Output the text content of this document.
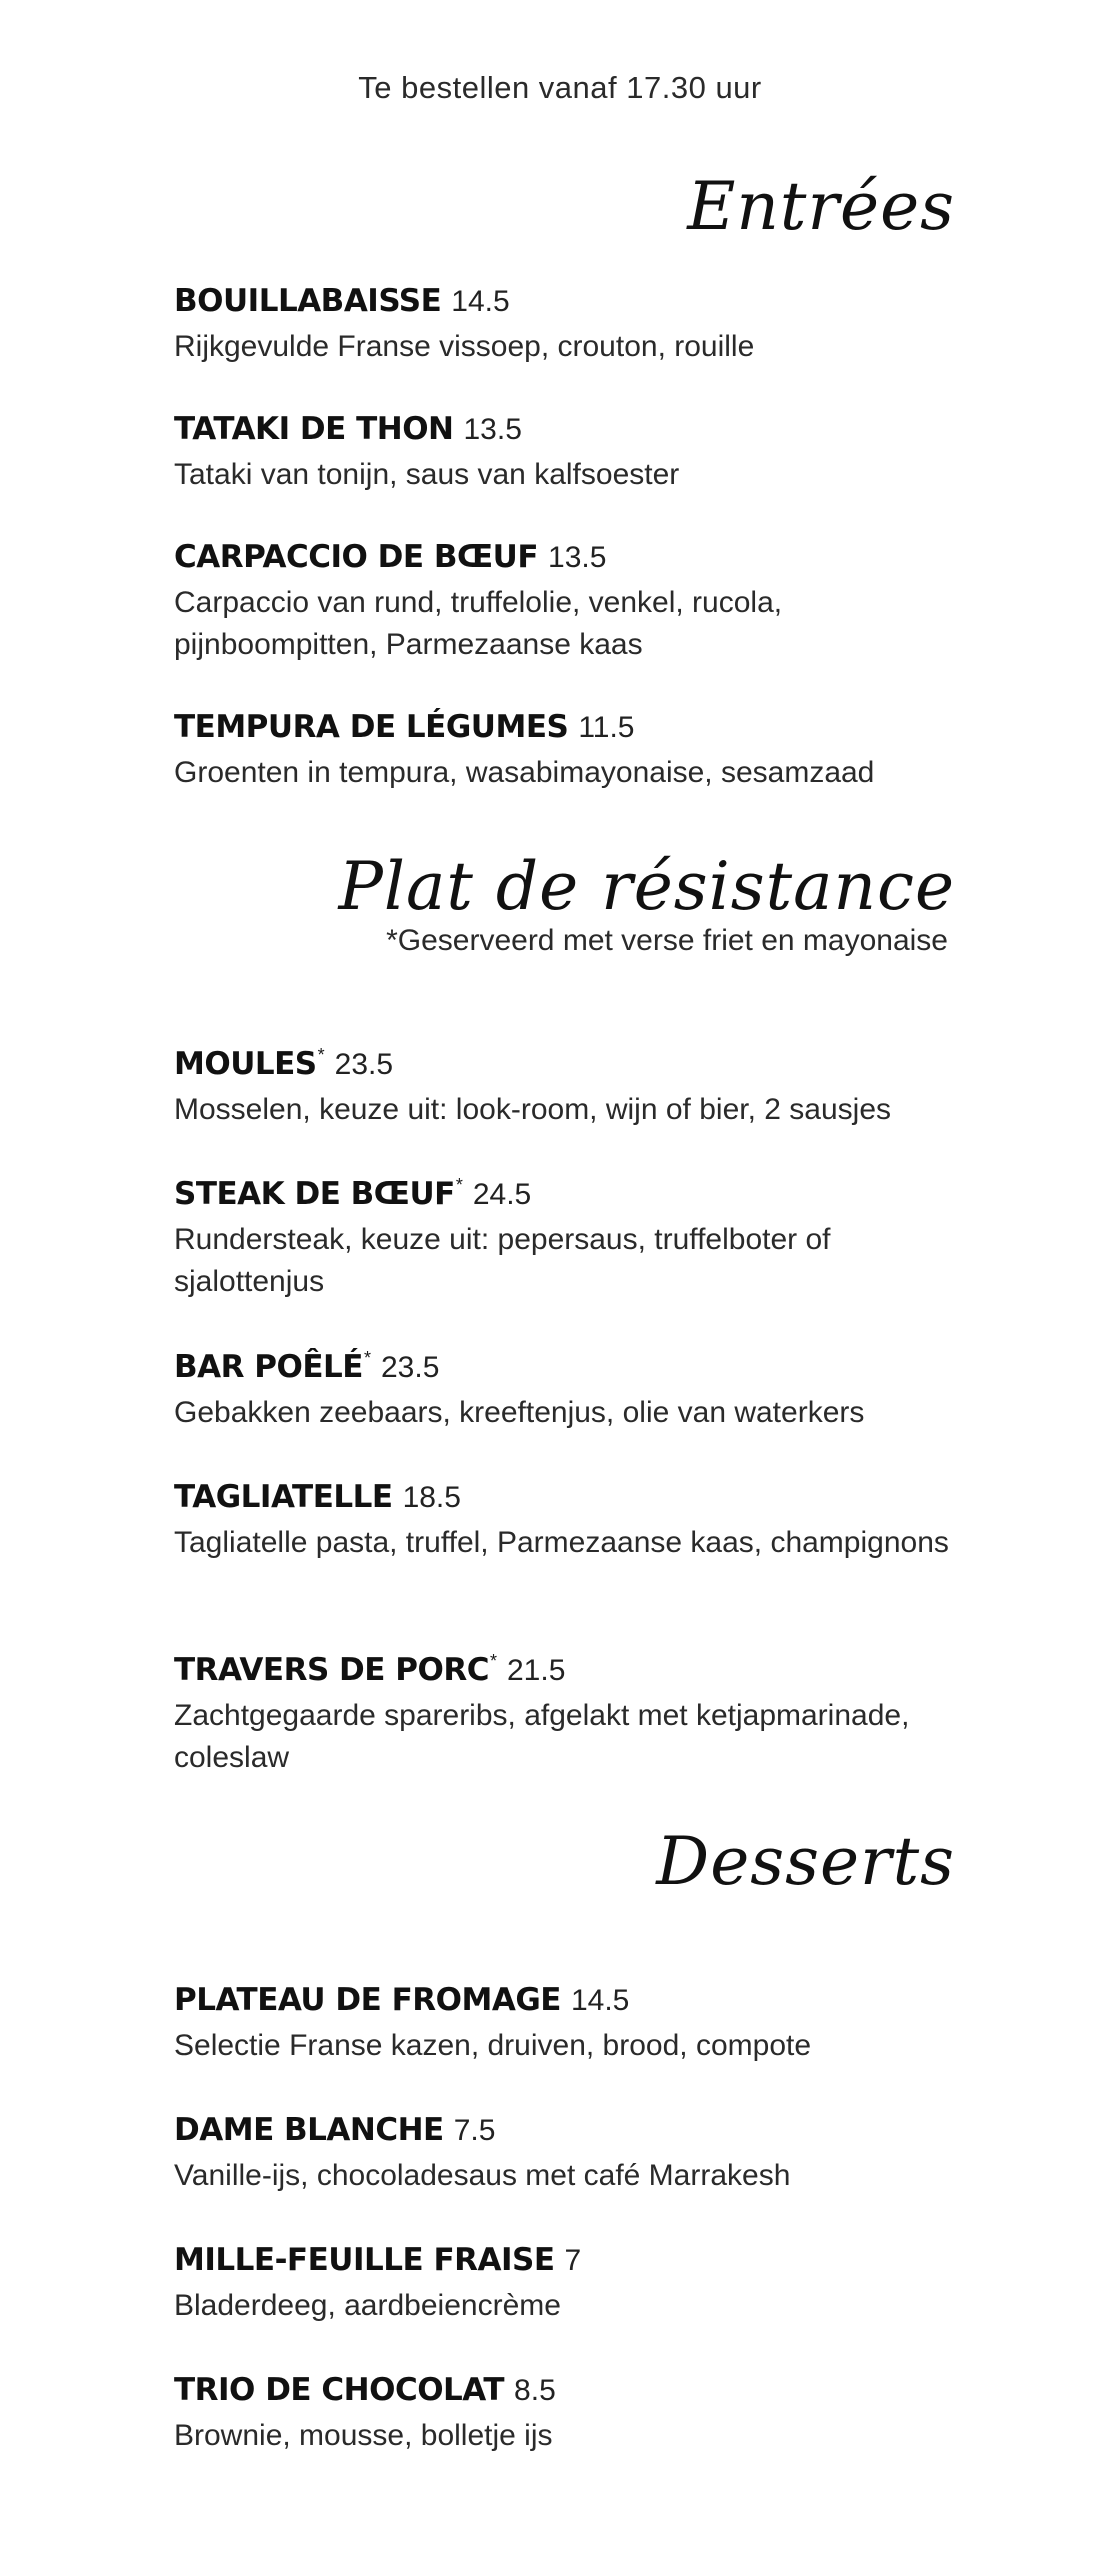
Te bestellen vanaf 17.30 uur
Entrées
BOUILLABAISSE 14.5
Rijkgevulde Franse vissoep, crouton, rouille
TATAKI DE THON 13.5
Tataki van tonijn, saus van kalfsoester
CARPACCIO DE BŒUF 13.5
Carpaccio van rund, truffelolie, venkel, rucola, pijnboompitten, Parmezaanse kaas
TEMPURA DE LÉGUMES 11.5
Groenten in tempura, wasabimayonaise, sesamzaad
Plat de résistance
*Geserveerd met verse friet en mayonaise
MOULES * 23.5
Mosselen, keuze uit: look-room, wijn of bier, 2 sausjes
STEAK DE BŒUF * 24.5
Rundersteak, keuze uit: pepersaus, truffelboter of sjalottenjus
BAR POÊLÉ * 23.5
Gebakken zeebaars, kreeftenjus, olie van waterkers
TAGLIATELLE 18.5
Tagliatelle pasta, truffel, Parmezaanse kaas, champignons
TRAVERS DE PORC * 21.5
Zachtgegaarde spareribs, afgelakt met ketjapmarinade, coleslaw
Desserts
PLATEAU DE FROMAGE 14.5
Selectie Franse kazen, druiven, brood, compote
DAME BLANCHE 7.5
Vanille-ijs, chocoladesaus met café Marrakesh
MILLE-FEUILLE FRAISE 7
Bladerdeeg, aardbeiencrème
TRIO DE CHOCOLAT 8.5
Brownie, mousse, bolletje ijs
